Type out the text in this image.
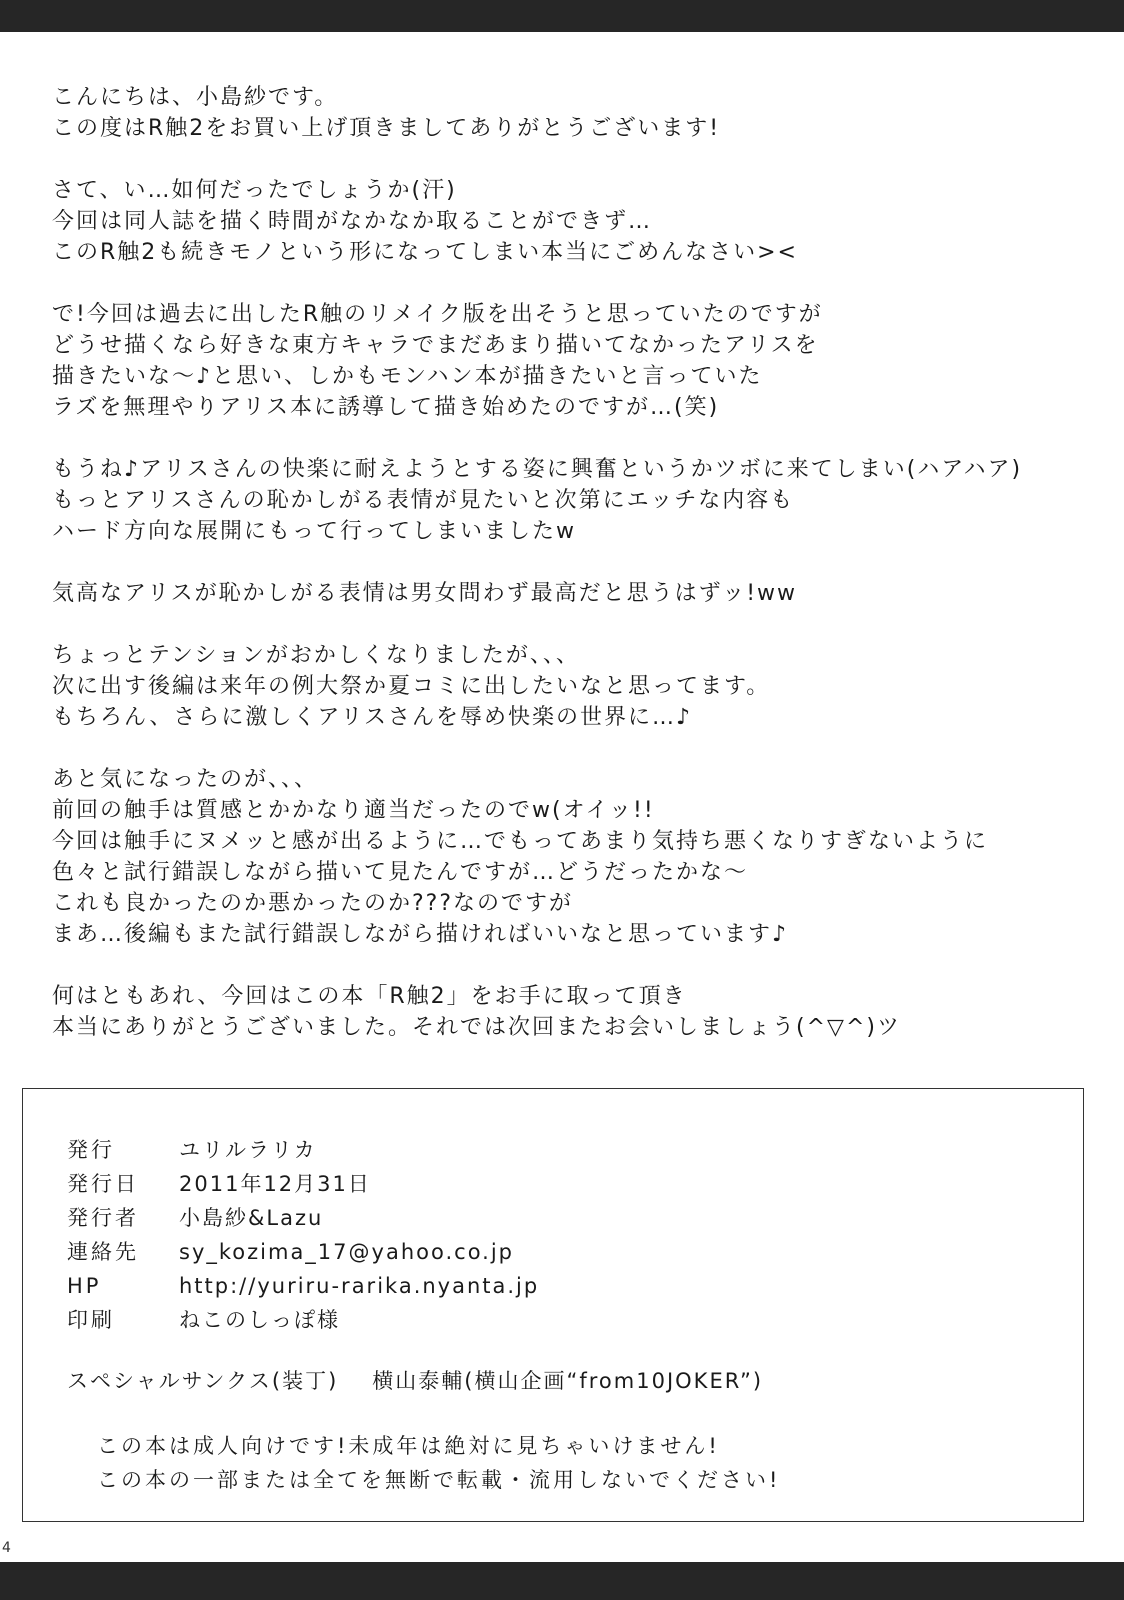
こんにちは、小島紗です。
この度はR触2をお買い上げ頂きましてありがとうございます!
さて、い…如何だったでしょうか(汗)
今回は同人誌を描く時間がなかなか取ることができず…
このR触2も続きモノという形になってしまい本当にごめんなさい><
で!今回は過去に出したR触のリメイク版を出そうと思っていたのですが
どうせ描くなら好きな東方キャラでまだあまり描いてなかったアリスを
描きたいな〜♪と思い、しかもモンハン本が描きたいと言っていた
ラズを無理やりアリス本に誘導して描き始めたのですが…(笑)
もうね♪アリスさんの快楽に耐えようとする姿に興奮というかツボに来てしまい(ハアハア)
もっとアリスさんの恥かしがる表情が見たいと次第にエッチな内容も
ハード方向な展開にもって行ってしまいましたw
気高なアリスが恥かしがる表情は男女問わず最高だと思うはずッ!ww
ちょっとテンションがおかしくなりましたが、、、
次に出す後編は来年の例大祭か夏コミに出したいなと思ってます。
もちろん、さらに激しくアリスさんを辱め快楽の世界に…♪
あと気になったのが、、、
前回の触手は質感とかかなり適当だったのでw(オイッ!!
今回は触手にヌメッと感が出るように…でもってあまり気持ち悪くなりすぎないように
色々と試行錯誤しながら描いて見たんですが…どうだったかな〜
これも良かったのか悪かったのか???なのですが
まあ…後編もまた試行錯誤しながら描ければいいなと思っています♪
何はともあれ、今回はこの本「R触2」をお手に取って頂き
本当にありがとうございました。それでは次回またお会いしましょう(^▽^)ツ
発行	ユリルラリカ
発行日 2011年12月31日
発行者 小島紗&Lazu
連絡先 sy_kozima_17@yahoo.co.jp
HP	http://yuriru-rarika.nyanta.jp
印刷	ねこのしっぽ様
スペシャルサンクス(装丁) 横山泰輔(横山企画“from10JOKER”)
この本は成人向けです!未成年は絶対に見ちゃいけません!
この本の一部または全てを無断で転載・流用しないでください!
4
